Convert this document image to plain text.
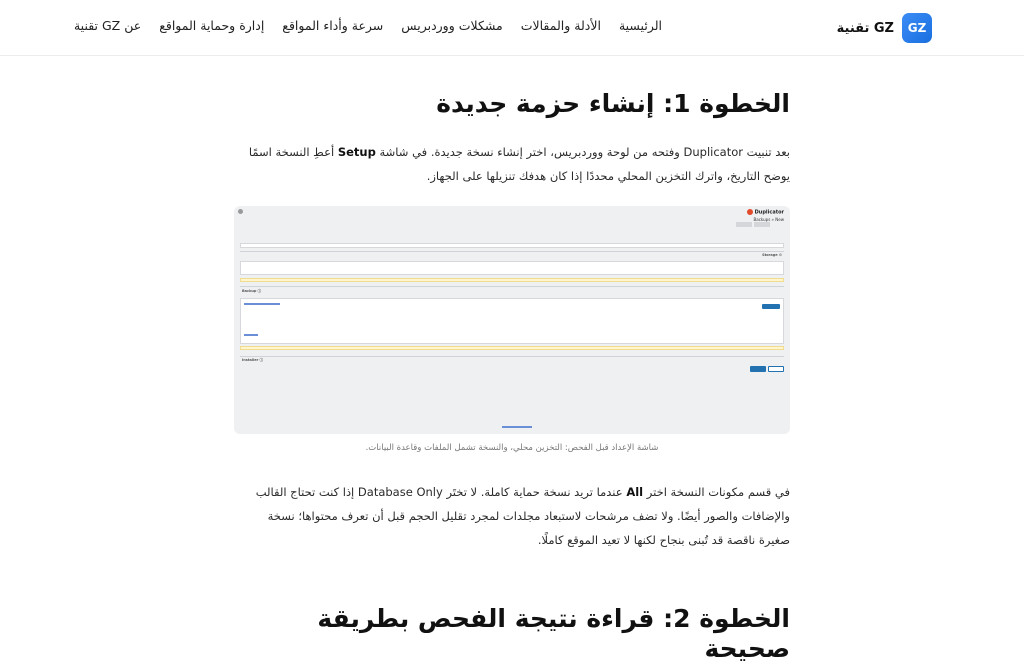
GZ
GZ تقنية
الرئيسية
الأدلة والمقالات
مشكلات ووردبريس
سرعة وأداء المواقع
إدارة وحماية المواقع
عن GZ تقنية
الخطوة 1: إنشاء حزمة جديدة

بعد تنبيت Duplicator وفتحه من لوحة ووردبريس، اختر إنشاء نسخة جديدة. في شاشة Setup أعطِ النسخة اسمًا يوضح التاريخ، واترك التخزين المحلي محددًا إذا كان هدفك تنزيلها على الجهاز.

Duplicator
Backups » New
Storage ⚙
Backup ⓘ
Installer ⓘ
شاشة الإعداد قبل الفحص: التخزين محلي، والنسخة تشمل الملفات وقاعدة البيانات.

في قسم مكونات النسخة اختر All عندما تريد نسخة حماية كاملة. لا تختَر Database Only إذا كنت تحتاج القالب والإضافات والصور أيضًا. ولا تضف مرشحات لاستبعاد مجلدات لمجرد تقليل الحجم قبل أن تعرف محتواها؛ نسخة صغيرة ناقصة قد تُبنى بنجاح لكنها لا تعيد الموقع كاملًا.

الخطوة 2: قراءة نتيجة الفحص بطريقة صحيحة
